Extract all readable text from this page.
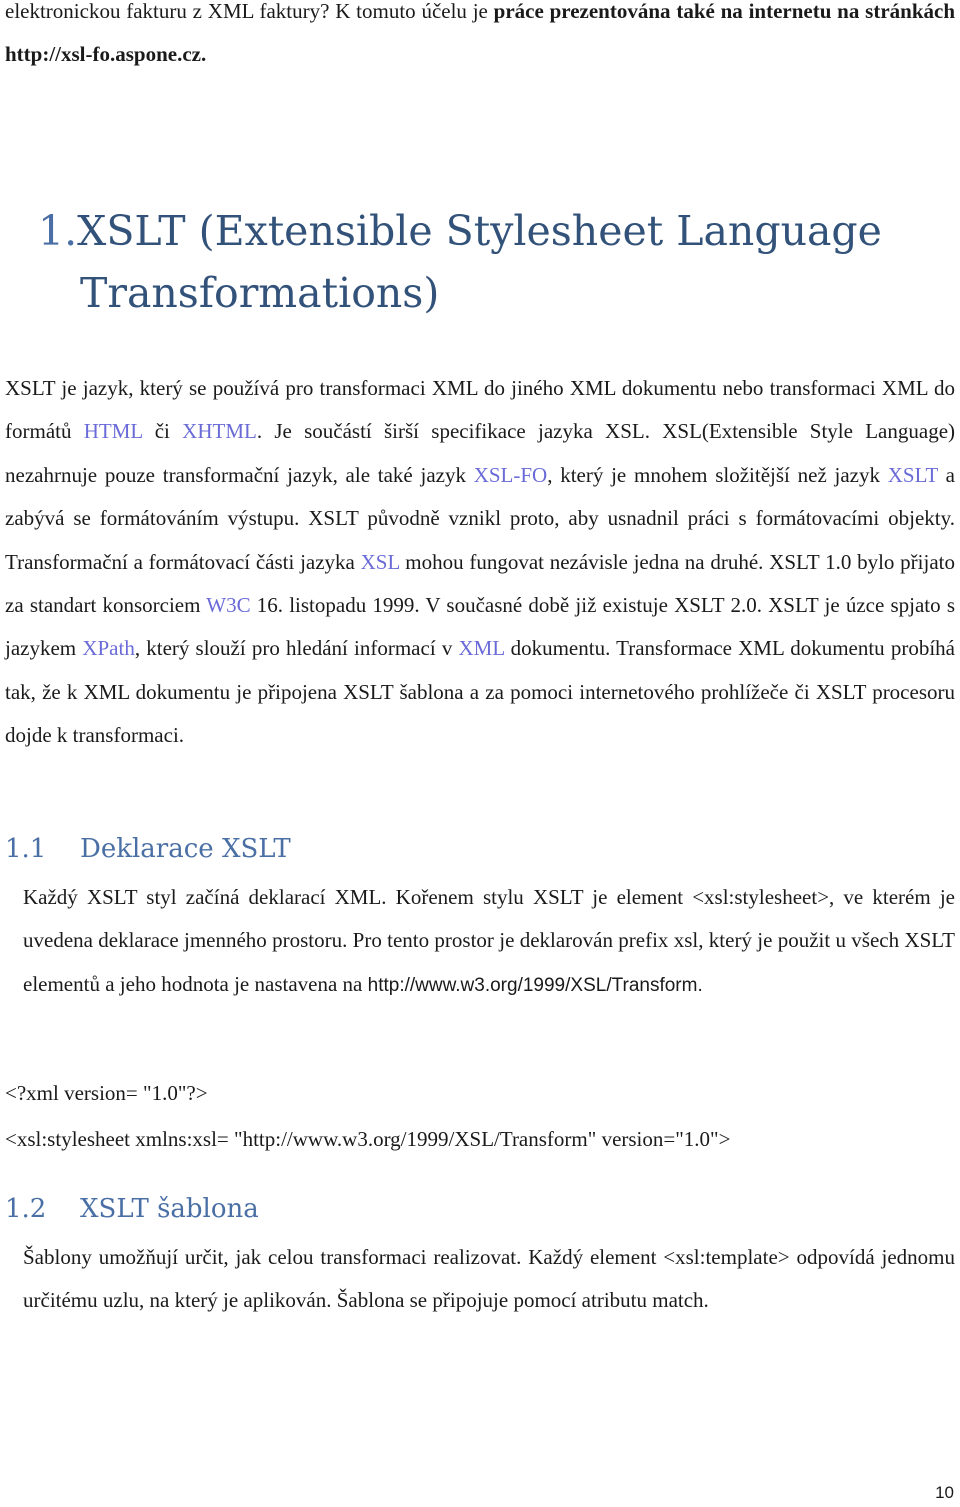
elektronickou fakturu z XML faktury? K tomuto účelu je práce prezentována také na internetu na stránkách http://xsl-fo.aspone.cz.

1.XSLT (Extensible Stylesheet Language
Transformations)

XSLT je jazyk, který se používá pro transformaci XML do jiného XML dokumentu nebo transformaci XML do formátů HTML či XHTML. Je součástí širší specifikace jazyka XSL. XSL(Extensible Style Language) nezahrnuje pouze transformační jazyk, ale také jazyk XSL-FO, který je mnohem složitější než jazyk XSLT a zabývá se formátováním výstupu. XSLT původně vznikl proto, aby usnadnil práci s formátovacími objekty. Transformační a formátovací části jazyka XSL mohou fungovat nezávisle jedna na druhé. XSLT 1.0 bylo přijato za standart konsorciem W3C 16. listopadu 1999. V současné době již existuje XSLT 2.0. XSLT je úzce spjato s jazykem XPath, který slouží pro hledání informací v XML dokumentu. Transformace XML dokumentu probíhá tak, že k XML dokumentu je připojena XSLT šablona a za pomoci internetového prohlížeče či XSLT procesoru dojde k transformaci.

1.1 Deklarace XSLT

Každý XSLT styl začíná deklarací XML. Kořenem stylu XSLT je element <xsl:stylesheet>, ve kterém je uvedena deklarace jmenného prostoru. Pro tento prostor je deklarován prefix xsl, který je použit u všech XSLT elementů a jeho hodnota je nastavena na http://www.w3.org/1999/XSL/Transform.

<?xml version= "1.0"?>

<xsl:stylesheet xmlns:xsl= "http://www.w3.org/1999/XSL/Transform" version="1.0">

1.2 XSLT šablona

Šablony umožňují určit, jak celou transformaci realizovat. Každý element <xsl:template> odpovídá jednomu určitému uzlu, na který je aplikován. Šablona se připojuje pomocí atributu match.

10
